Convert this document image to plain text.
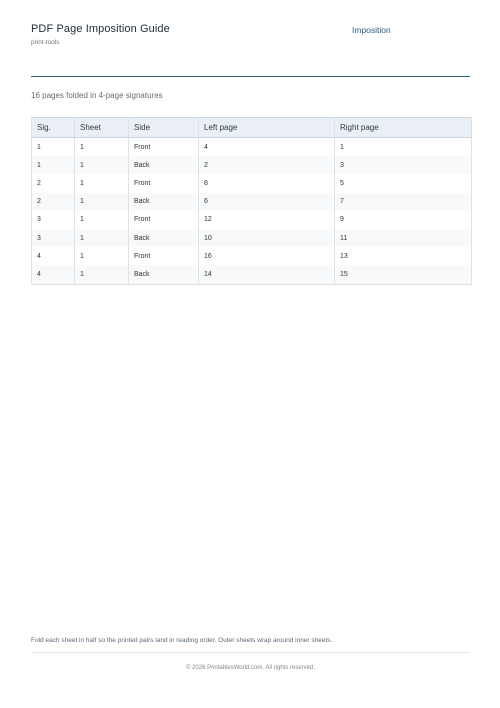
PDF Page Imposition Guide
print-tools
Imposition
16 pages folded in 4-page signatures
Sig.	Sheet	Side	Left page	Right page
1	1	Front	4	1
1	1	Back	2	3
2	1	Front	8	5
2	1	Back	6	7
3	1	Front	12	9
3	1	Back	10	11
4	1	Front	16	13
4	1	Back	14	15
Fold each sheet in half so the printed pairs land in reading order. Outer sheets wrap around inner sheets.
© 2026 PrintablesWorld.com. All rights reserved.
